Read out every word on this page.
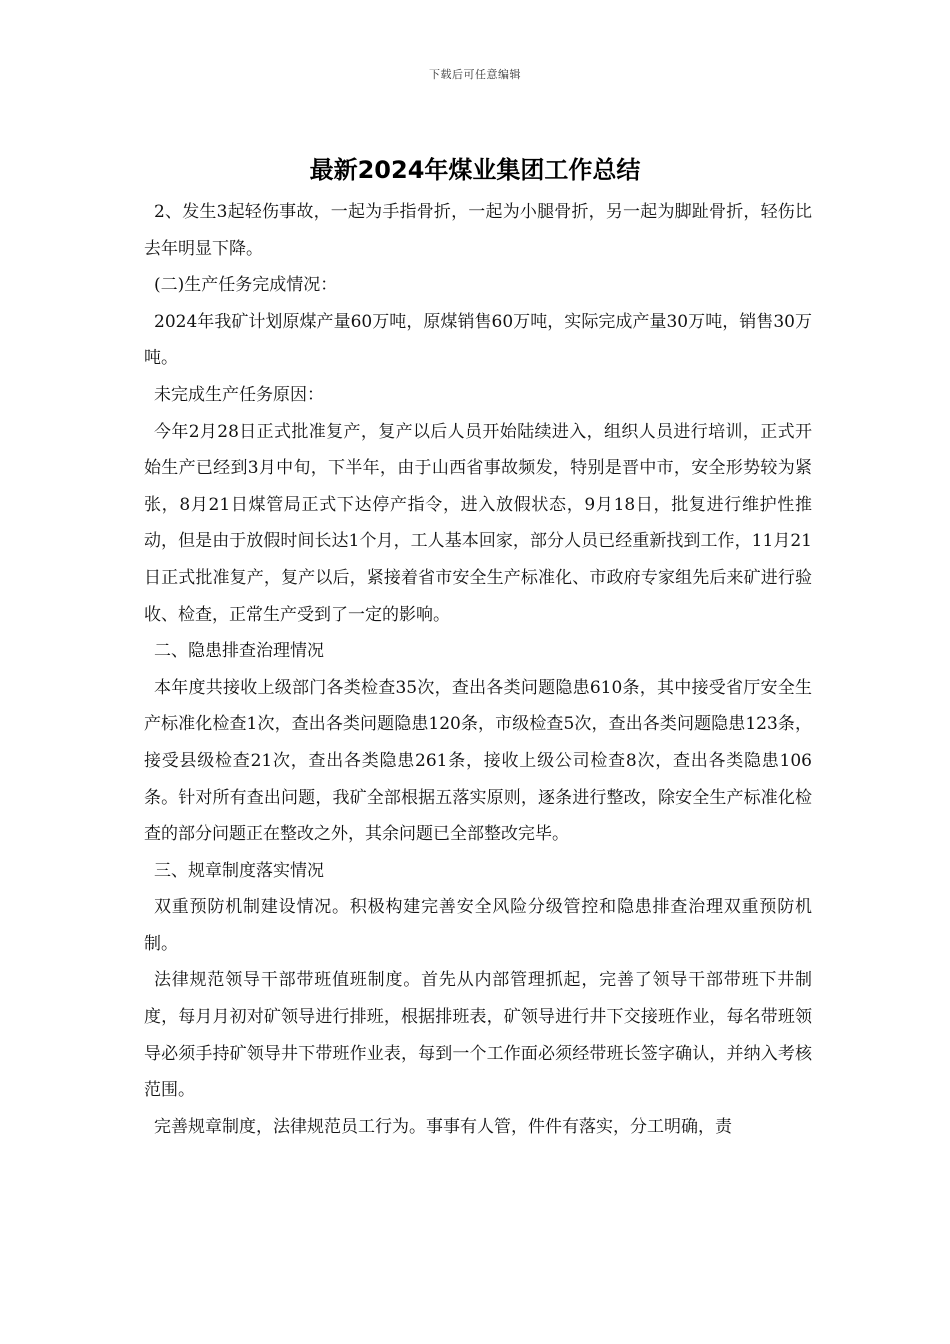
下载后可任意编辑
最新2024年煤业集团工作总结

2、发生3起轻伤事故，一起为手指骨折，一起为小腿骨折，另一起为脚趾骨折，轻伤比去年明显下降。

(二)生产任务完成情况：

2024年我矿计划原煤产量60万吨，原煤销售60万吨，实际完成产量30万吨，销售30万吨。

未完成生产任务原因：

今年2月28日正式批准复产，复产以后人员开始陆续进入，组织人员进行培训，正式开始生产已经到3月中旬，下半年，由于山西省事故频发，特别是晋中市，安全形势较为紧张，8月21日煤管局正式下达停产指令，进入放假状态，9月18日，批复进行维护性推动，但是由于放假时间长达1个月，工人基本回家，部分人员已经重新找到工作，11月21日正式批准复产，复产以后，紧接着省市安全生产标准化、市政府专家组先后来矿进行验收、检查，正常生产受到了一定的影响。

二、隐患排查治理情况

本年度共接收上级部门各类检查35次，查出各类问题隐患610条，其中接受省厅安全生产标准化检查1次，查出各类问题隐患120条，市级检查5次，查出各类问题隐患123条，接受县级检查21次，查出各类隐患261条，接收上级公司检查8次，查出各类隐患106条。针对所有查出问题，我矿全部根据五落实原则，逐条进行整改，除安全生产标准化检查的部分问题正在整改之外，其余问题已全部整改完毕。

三、规章制度落实情况

双重预防机制建设情况。积极构建完善安全风险分级管控和隐患排查治理双重预防机制。

法律规范领导干部带班值班制度。首先从内部管理抓起，完善了领导干部带班下井制度，每月月初对矿领导进行排班，根据排班表，矿领导进行井下交接班作业，每名带班领导必须手持矿领导井下带班作业表，每到一个工作面必须经带班长签字确认，并纳入考核范围。

完善规章制度，法律规范员工行为。事事有人管，件件有落实，分工明确，责
